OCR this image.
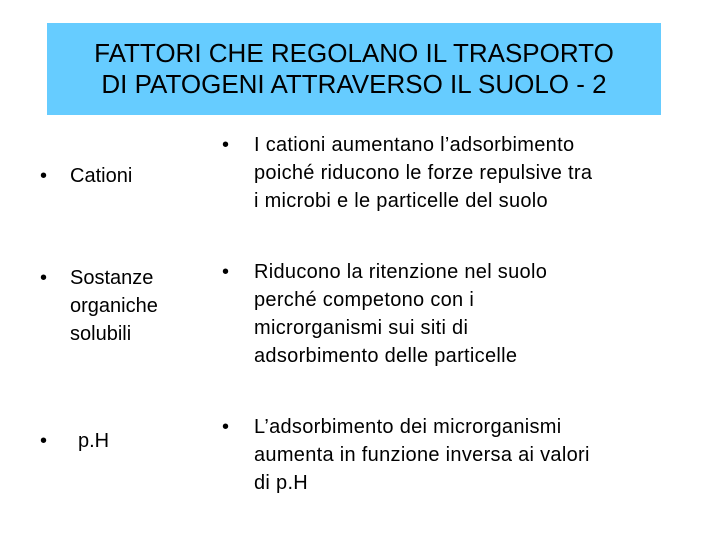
FATTORI CHE REGOLANO IL TRASPORTO
DI PATOGENI ATTRAVERSO IL SUOLO - 2
• Cationi
• I cationi aumentano l’adsorbimento
poiché riducono le forze repulsive tra
i microbi e le particelle del suolo
• Sostanze
organiche
solubili
• Riducono la ritenzione nel suolo
perché competono con i
microrganismi sui siti di
adsorbimento delle particelle
• p.H
• L’adsorbimento dei microrganismi
aumenta in funzione inversa ai valori
di p.H
